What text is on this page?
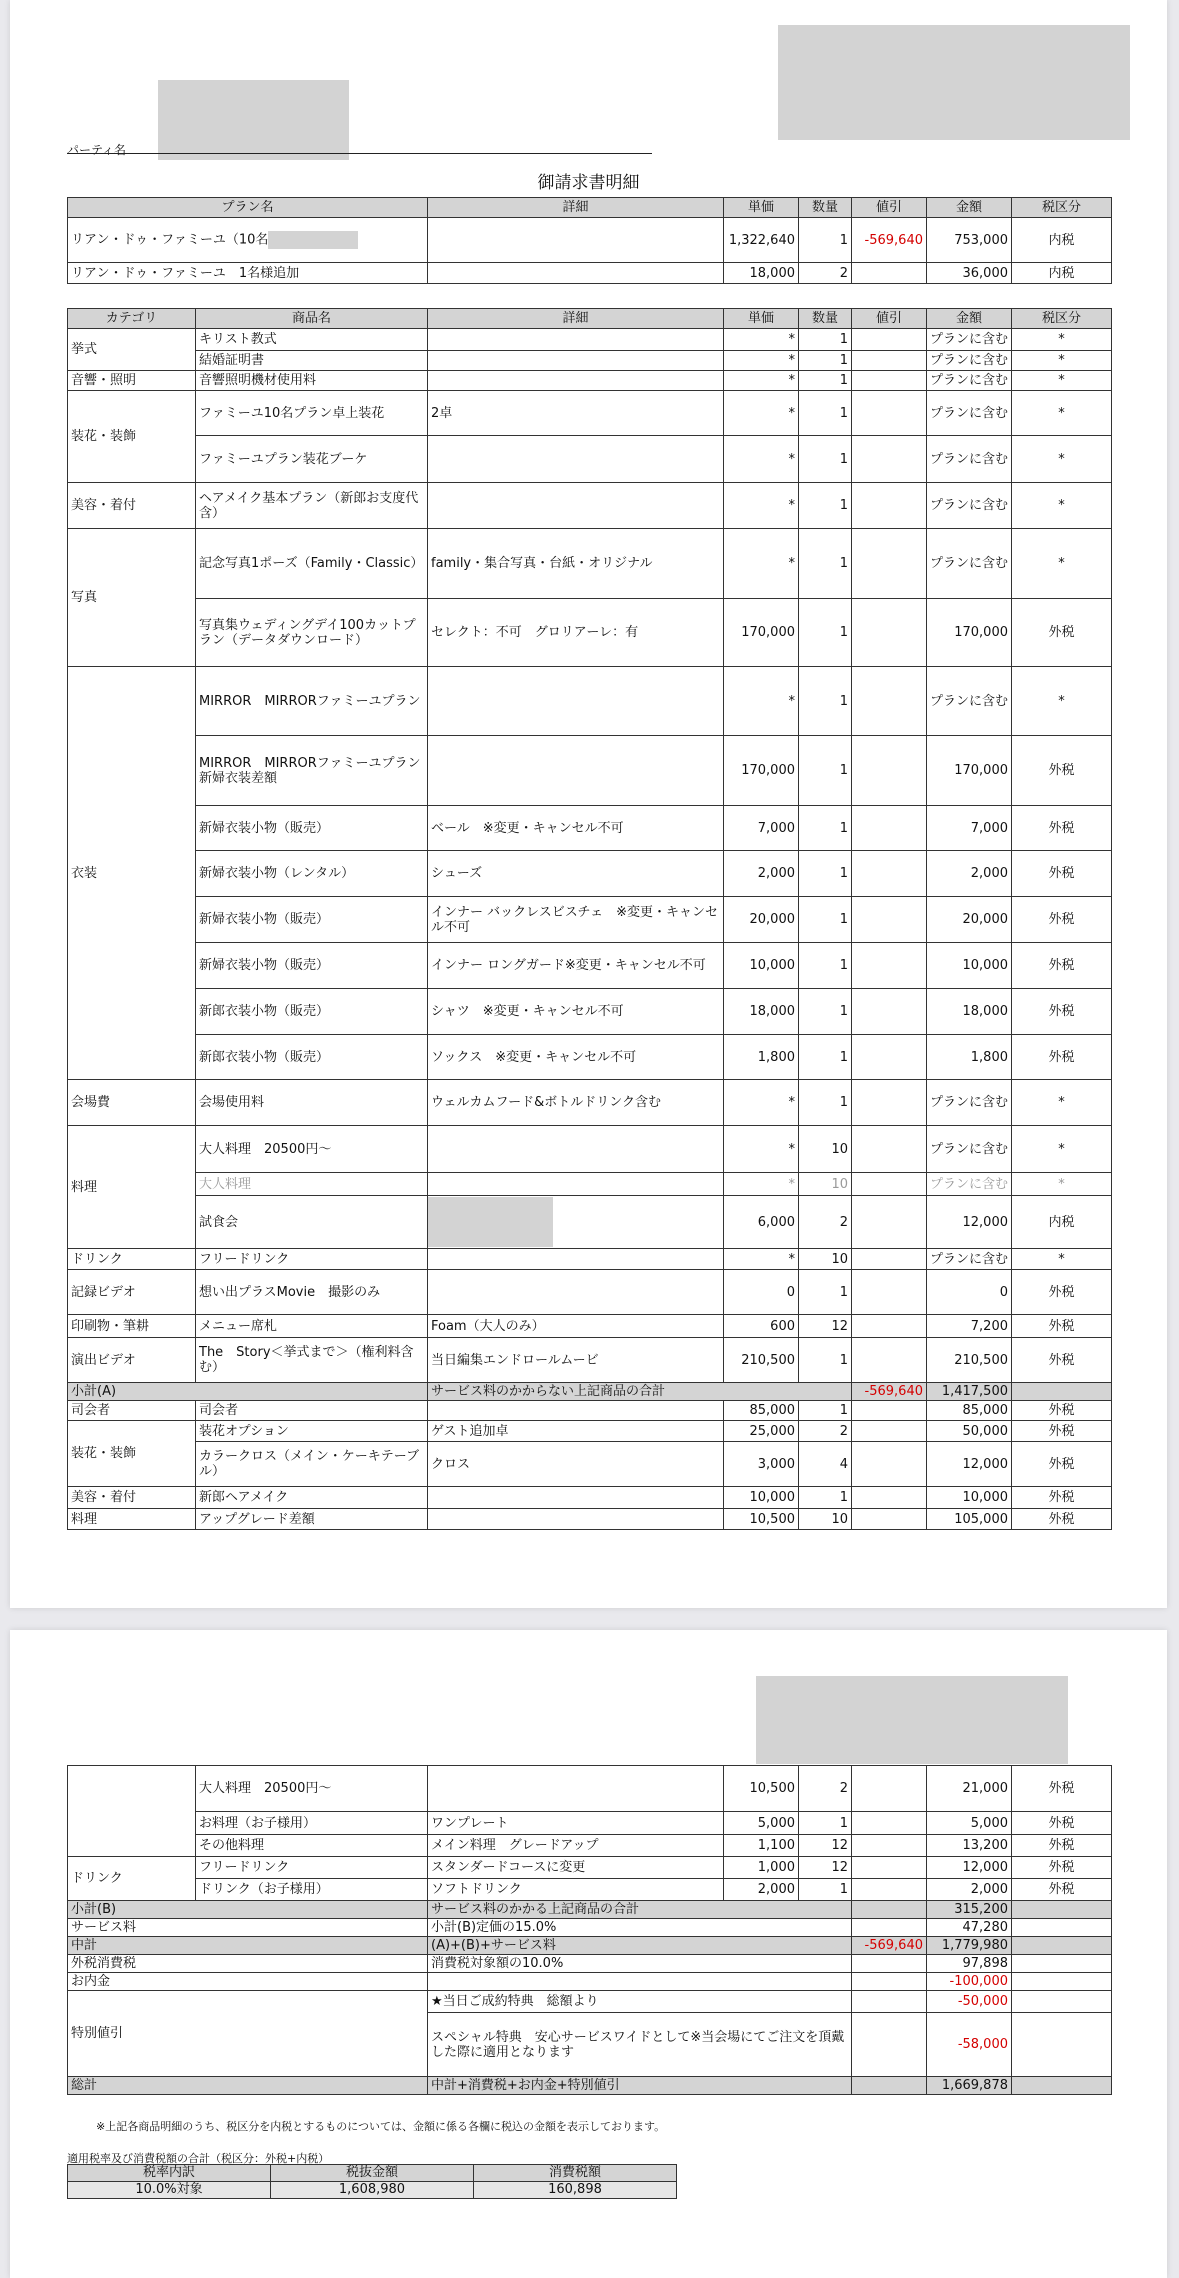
パーティ名
御請求書明細
プラン名	詳細	単価	数量	値引	金額	税区分
リアン・ドゥ・ファミーユ（10名		1,322,640	1	-569,640	753,000	内税
リアン・ドゥ・ファミーユ　1名様追加		18,000	2		36,000	内税
カテゴリ	商品名	詳細	単価	数量	値引	金額	税区分
挙式	キリスト教式		*	1		プランに含む	*
	結婚証明書		*	1		プランに含む	*
音響・照明	音響照明機材使用料		*	1		プランに含む	*
装花・装飾	ファミーユ10名プラン卓上装花	2卓	*	1		プランに含む	*
	ファミーユプラン装花ブーケ		*	1		プランに含む	*
美容・着付	ヘアメイク基本プラン（新郎お支度代含）		*	1		プランに含む	*
写真	記念写真1ポーズ（Family・Classic）	family・集合写真・台紙・オリジナル	*	1		プランに含む	*
	写真集ウェディングデイ100カットプラン（データダウンロード）	セレクト：不可　グロリアーレ：有	170,000	1		170,000	外税
衣装	MIRROR　MIRRORファミーユプラン		*	1		プランに含む	*
	MIRROR　MIRRORファミーユプラン　新婦衣装差額		170,000	1		170,000	外税
	新婦衣装小物（販売）	ベール　※変更・キャンセル不可	7,000	1		7,000	外税
	新婦衣装小物（レンタル）	シューズ	2,000	1		2,000	外税
	新婦衣装小物（販売）	インナー バックレスビスチェ　※変更・キャンセル不可	20,000	1		20,000	外税
	新婦衣装小物（販売）	インナー ロングガード※変更・キャンセル不可	10,000	1		10,000	外税
	新郎衣装小物（販売）	シャツ　※変更・キャンセル不可	18,000	1		18,000	外税
	新郎衣装小物（販売）	ソックス　※変更・キャンセル不可	1,800	1		1,800	外税
会場費	会場使用料	ウェルカムフード&ボトルドリンク含む	*	1		プランに含む	*
料理	大人料理　20500円〜		*	10		プランに含む	*
	大人料理		*	10		プランに含む	*
	試食会		6,000	2		12,000	内税
ドリンク	フリードリンク		*	10		プランに含む	*
記録ビデオ	想い出プラスMovie　撮影のみ		0	1		0	外税
印刷物・筆耕	メニュー席札	Foam（大人のみ）	600	12		7,200	外税
演出ビデオ	The　Story＜挙式まで＞（権利料含む）	当日編集エンドロールムービ	210,500	1		210,500	外税
小計(A)		サービス料のかからない上記商品の合計			-569,640	1,417,500	
司会者	司会者		85,000	1		85,000	外税
装花・装飾	装花オプション	ゲスト追加卓	25,000	2		50,000	外税
	カラークロス（メイン・ケーキテーブル）	クロス	3,000	4		12,000	外税
美容・着付	新郎ヘアメイク		10,000	1		10,000	外税
料理	アップグレード差額		10,500	10		105,000	外税
	大人料理　20500円〜		10,500	2		21,000	外税
	お料理（お子様用）	ワンプレート	5,000	1		5,000	外税
	その他料理	メイン料理　グレードアップ	1,100	12		13,200	外税
ドリンク	フリードリンク	スタンダードコースに変更	1,000	12		12,000	外税
	ドリンク（お子様用）	ソフトドリンク	2,000	1		2,000	外税
小計(B)		サービス料のかかる上記商品の合計				315,200	
サービス料		小計(B)定価の15.0%				47,280	
中計		(A)+(B)+サービス料			-569,640	1,779,980	
外税消費税		消費税対象額の10.0%				97,898	
お内金						-100,000	
特別値引		★当日ご成約特典　総額より				-50,000	
		スペシャル特典　安心サービスワイドとして※当会場にてご注文を頂戴した際に適用となります				-58,000	
総計		中計+消費税+お内金+特別値引				1,669,878	
※上記各商品明細のうち、税区分を内税とするものについては、金額に係る各欄に税込の金額を表示しております。
適用税率及び消費税額の合計（税区分：外税+内税）
税率内訳	税抜金額	消費税額
10.0%対象	1,608,980	160,898
